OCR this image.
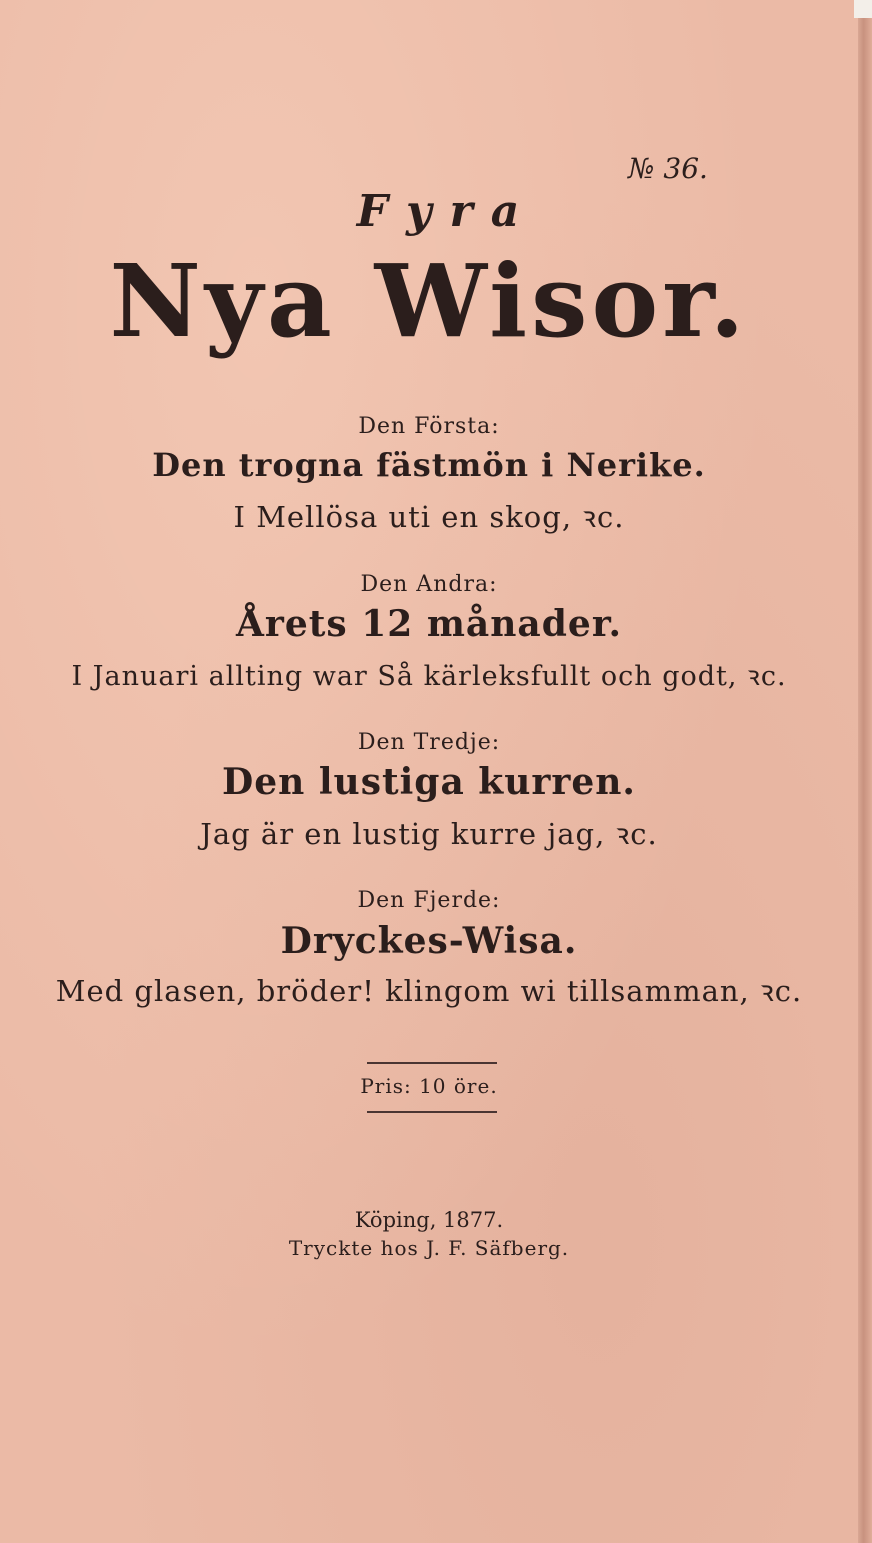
№ 36.
Fyra
Nya Wisor.
Den Första:
Den trogna fästmön i Nerike.
I Mellösa uti en skog, ꝛc.
Den Andra:
Årets 12 månader.
I Januari allting war Så kärleksfullt och godt, ꝛc.
Den Tredje:
Den lustiga kurren.
Jag är en lustig kurre jag, ꝛc.
Den Fjerde:
Dryckes-Wisa.
Med glasen, bröder! klingom wi tillsamman, ꝛc.
Pris: 10 öre.
Köping, 1877.
Tryckte hos J. F. Säfberg.
